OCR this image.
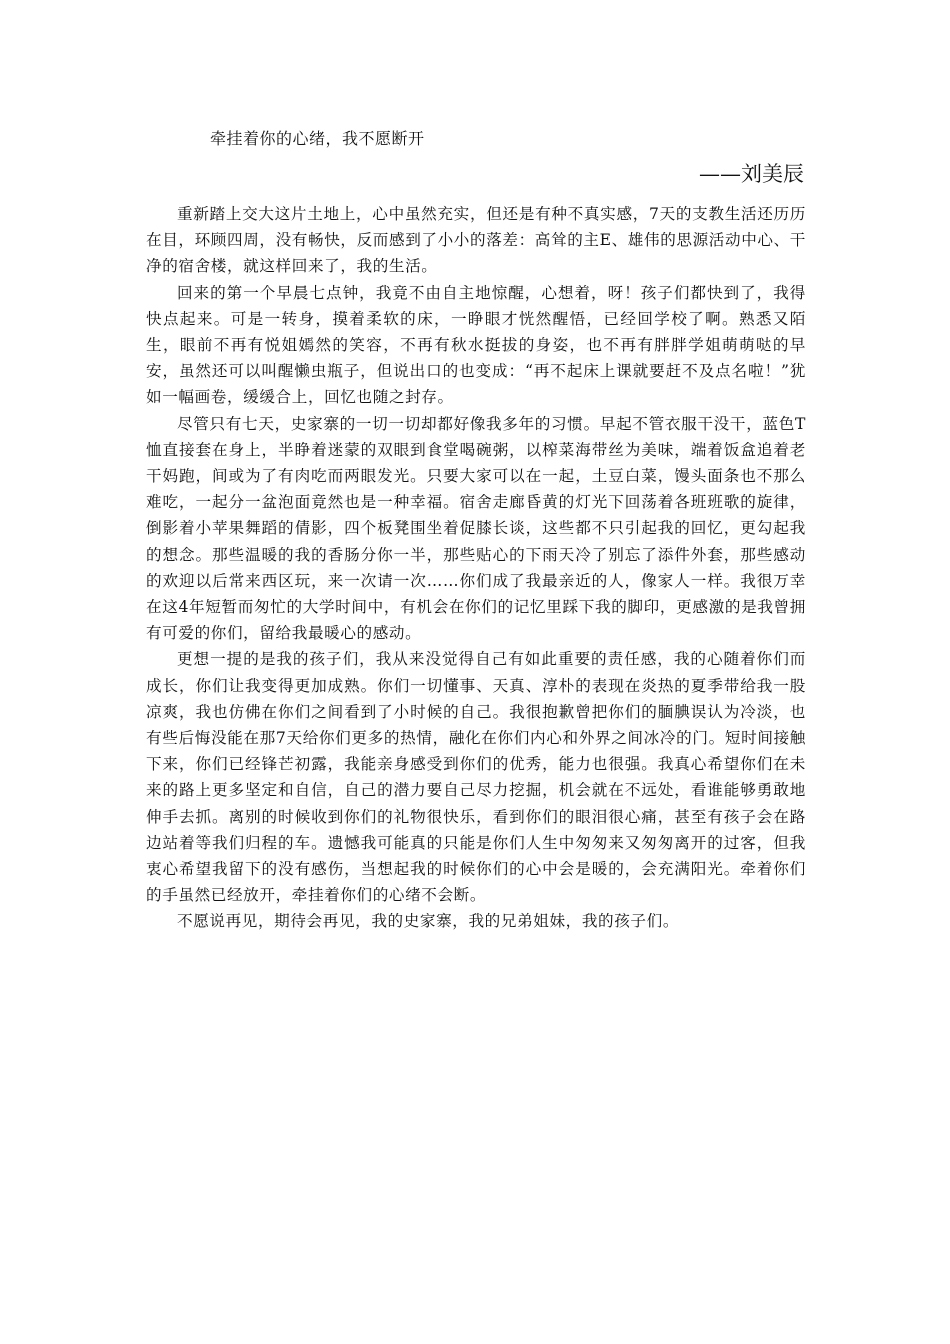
牵挂着你的心绪，我不愿断开
——刘美辰

重新踏上交大这片土地上，心中虽然充实，但还是有种不真实感，7天的支教生活还历历在目，环顾四周，没有畅快，反而感到了小小的落差：高耸的主E、雄伟的思源活动中心、干净的宿舍楼，就这样回来了，我的生活。

回来的第一个早晨七点钟，我竟不由自主地惊醒，心想着，呀！孩子们都快到了，我得快点起来。可是一转身，摸着柔软的床，一睁眼才恍然醒悟，已经回学校了啊。熟悉又陌生，眼前不再有悦姐嫣然的笑容，不再有秋水挺拔的身姿，也不再有胖胖学姐萌萌哒的早安，虽然还可以叫醒懒虫瓶子，但说出口的也变成：“再不起床上课就要赶不及点名啦！”犹如一幅画卷，缓缓合上，回忆也随之封存。

尽管只有七天，史家寨的一切一切却都好像我多年的习惯。早起不管衣服干没干，蓝色T恤直接套在身上，半睁着迷蒙的双眼到食堂喝碗粥，以榨菜海带丝为美味，端着饭盒追着老干妈跑，间或为了有肉吃而两眼发光。只要大家可以在一起，土豆白菜，馒头面条也不那么难吃，一起分一盆泡面竟然也是一种幸福。宿舍走廊昏黄的灯光下回荡着各班班歌的旋律，倒影着小苹果舞蹈的倩影，四个板凳围坐着促膝长谈，这些都不只引起我的回忆，更勾起我的想念。那些温暖的我的香肠分你一半，那些贴心的下雨天冷了别忘了添件外套，那些感动的欢迎以后常来西区玩，来一次请一次……你们成了我最亲近的人，像家人一样。我很万幸在这4年短暂而匆忙的大学时间中，有机会在你们的记忆里踩下我的脚印，更感激的是我曾拥有可爱的你们，留给我最暖心的感动。

更想一提的是我的孩子们，我从来没觉得自己有如此重要的责任感，我的心随着你们而成长，你们让我变得更加成熟。你们一切懂事、天真、淳朴的表现在炎热的夏季带给我一股凉爽，我也仿佛在你们之间看到了小时候的自己。我很抱歉曾把你们的腼腆误认为冷淡，也有些后悔没能在那7天给你们更多的热情，融化在你们内心和外界之间冰冷的门。短时间接触下来，你们已经锋芒初露，我能亲身感受到你们的优秀，能力也很强。我真心希望你们在未来的路上更多坚定和自信，自己的潜力要自己尽力挖掘，机会就在不远处，看谁能够勇敢地伸手去抓。离别的时候收到你们的礼物很快乐，看到你们的眼泪很心痛，甚至有孩子会在路边站着等我们归程的车。遗憾我可能真的只能是你们人生中匆匆来又匆匆离开的过客，但我衷心希望我留下的没有感伤，当想起我的时候你们的心中会是暖的，会充满阳光。牵着你们的手虽然已经放开，牵挂着你们的心绪不会断。

不愿说再见，期待会再见，我的史家寨，我的兄弟姐妹，我的孩子们。
